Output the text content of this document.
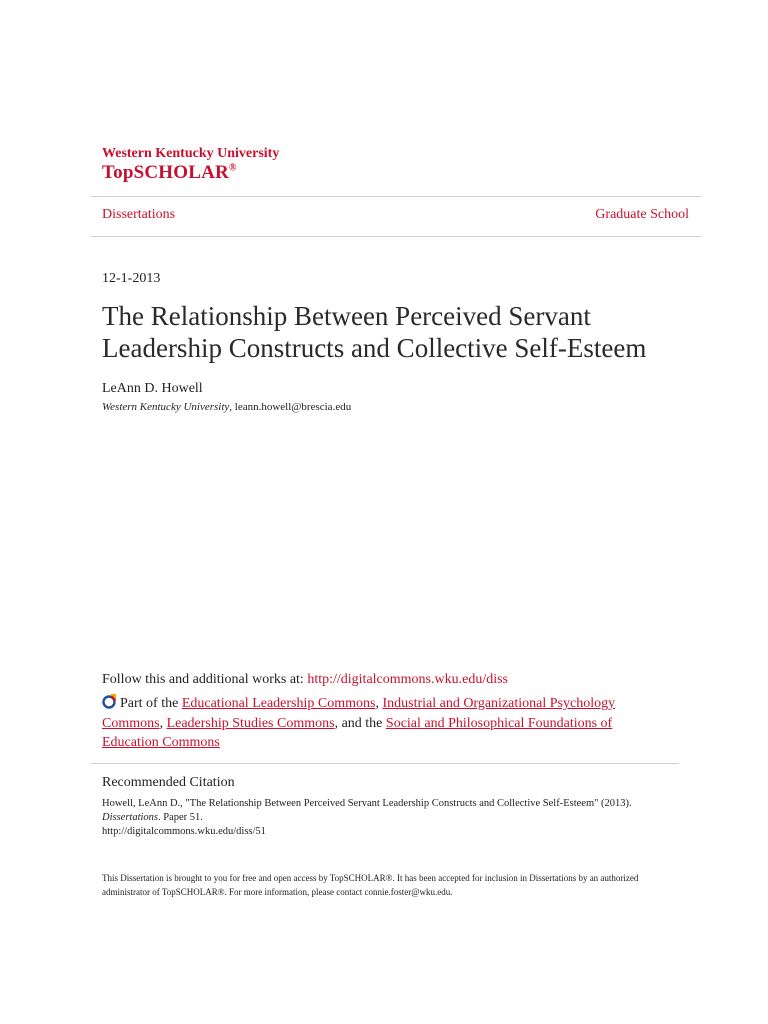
Western Kentucky University
TopSCHOLAR®
Dissertations	Graduate School
12-1-2013
The Relationship Between Perceived Servant Leadership Constructs and Collective Self-Esteem
LeAnn D. Howell
Western Kentucky University, leann.howell@brescia.edu
Follow this and additional works at: http://digitalcommons.wku.edu/diss
Part of the Educational Leadership Commons, Industrial and Organizational Psychology Commons, Leadership Studies Commons, and the Social and Philosophical Foundations of Education Commons
Recommended Citation
Howell, LeAnn D., "The Relationship Between Perceived Servant Leadership Constructs and Collective Self-Esteem" (2013).
Dissertations. Paper 51.
http://digitalcommons.wku.edu/diss/51
This Dissertation is brought to you for free and open access by TopSCHOLAR®. It has been accepted for inclusion in Dissertations by an authorized administrator of TopSCHOLAR®. For more information, please contact connie.foster@wku.edu.
